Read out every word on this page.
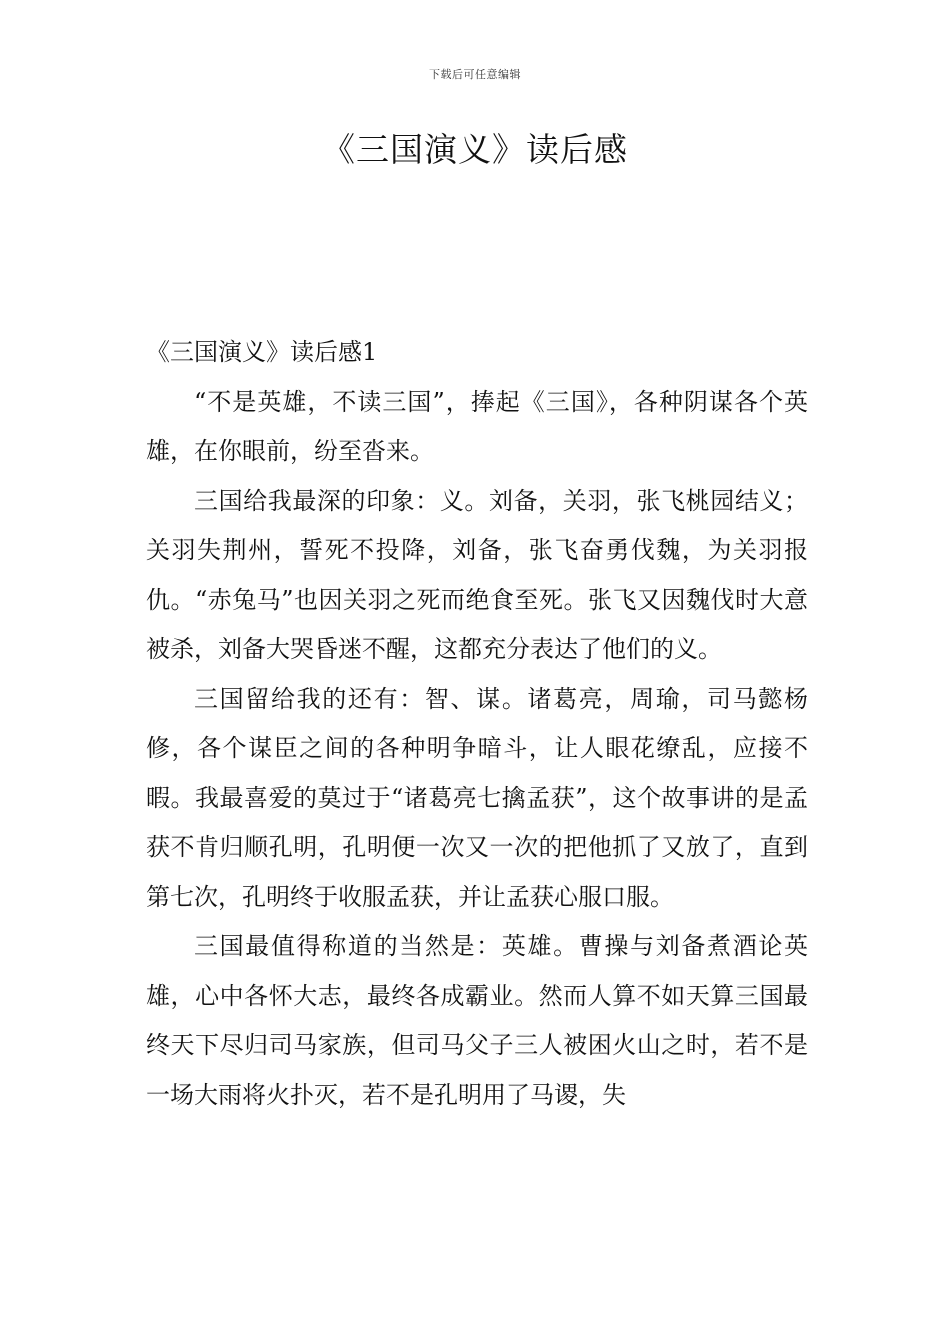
下载后可任意编辑
《三国演义》读后感

《三国演义》读后感1

“不是英雄，不读三国”，捧起《三国》，各种阴谋各个英雄，在你眼前，纷至沓来。

三国给我最深的印象：义。刘备，关羽，张飞桃园结义；关羽失荆州，誓死不投降，刘备，张飞奋勇伐魏，为关羽报仇。“赤兔马”也因关羽之死而绝食至死。张飞又因魏伐时大意被杀，刘备大哭昏迷不醒，这都充分表达了他们的义。

三国留给我的还有：智、谋。诸葛亮，周瑜，司马懿杨修，各个谋臣之间的各种明争暗斗，让人眼花缭乱，应接不暇。我最喜爱的莫过于“诸葛亮七擒孟获”，这个故事讲的是孟获不肯归顺孔明，孔明便一次又一次的把他抓了又放了，直到第七次，孔明终于收服孟获，并让孟获心服口服。

三国最值得称道的当然是：英雄。曹操与刘备煮酒论英雄，心中各怀大志，最终各成霸业。然而人算不如天算三国最终天下尽归司马家族，但司马父子三人被困火山之时，若不是一场大雨将火扑灭，若不是孔明用了马谡，失
